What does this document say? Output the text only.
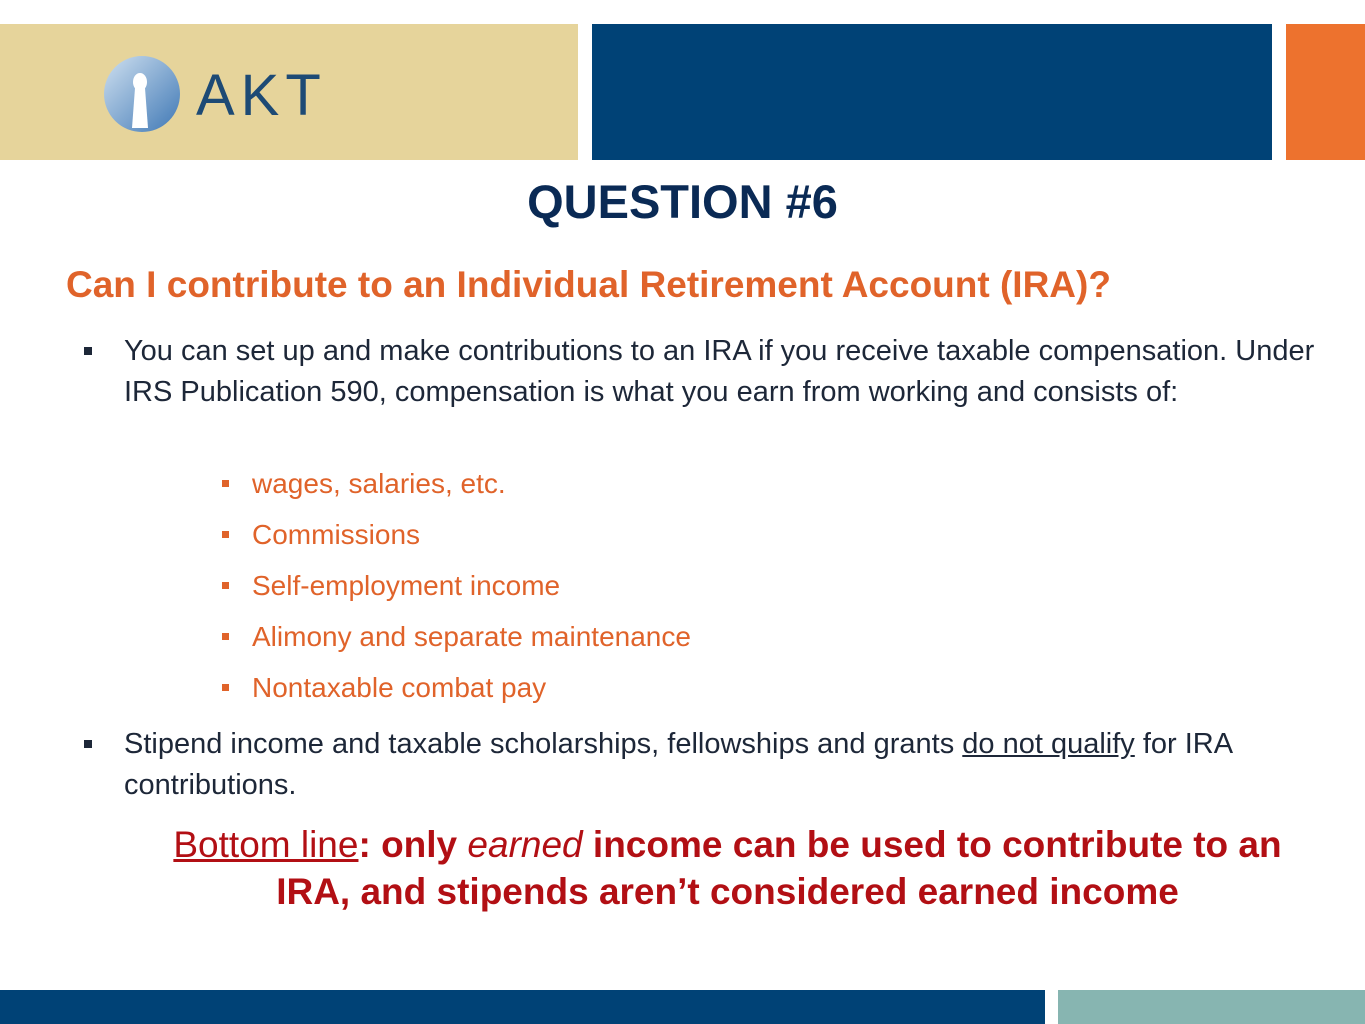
AKT
QUESTION #6
Can I contribute to an Individual Retirement Account (IRA)?
You can set up and make contributions to an IRA if you receive taxable compensation. Under IRS Publication 590, compensation is what you earn from working and consists of:
wages, salaries, etc.
Commissions
Self-employment income
Alimony and separate maintenance
Nontaxable combat pay
Stipend income and taxable scholarships, fellowships and grants do not qualify for IRA contributions.
Bottom line: only earned income can be used to contribute to an IRA, and stipends aren’t considered earned income
